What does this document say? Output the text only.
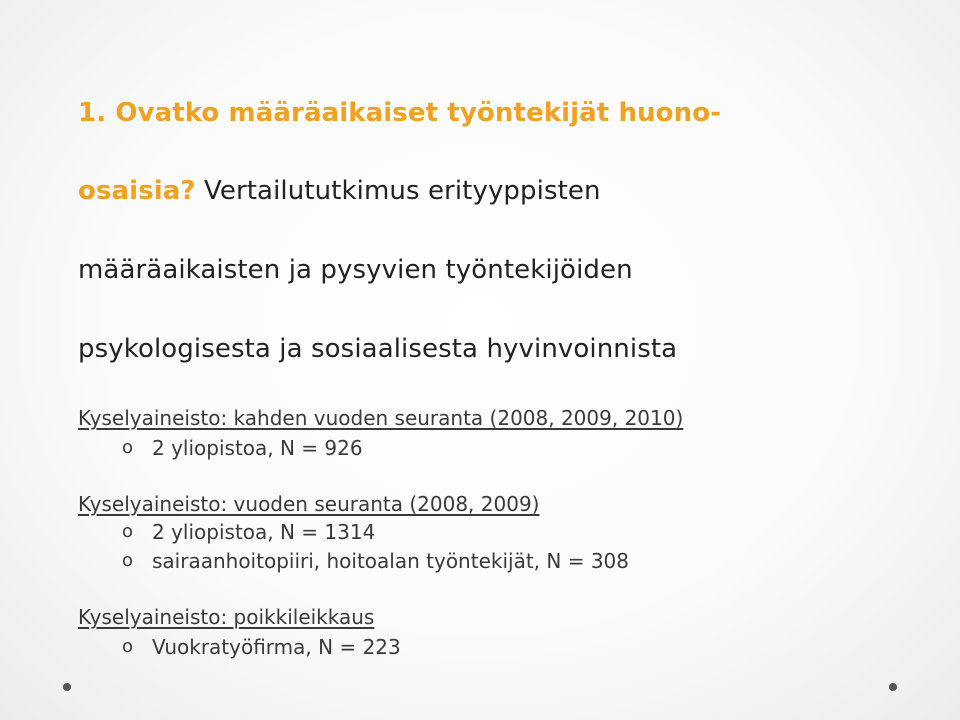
1. Ovatko määräaikaiset työntekijät huono-
osaisia? Vertailututkimus erityyppisten
määräaikaisten ja pysyvien työntekijöiden
psykologisesta ja sosiaalisesta hyvinvoinnista
Kyselyaineisto: kahden vuoden seuranta (2008, 2009, 2010)
o 2 yliopistoa, N = 926
Kyselyaineisto: vuoden seuranta (2008, 2009)
o 2 yliopistoa, N = 1314
o sairaanhoitopiiri, hoitoalan työntekijät, N = 308
Kyselyaineisto: poikkileikkaus
o Vuokratyöfirma, N = 223
